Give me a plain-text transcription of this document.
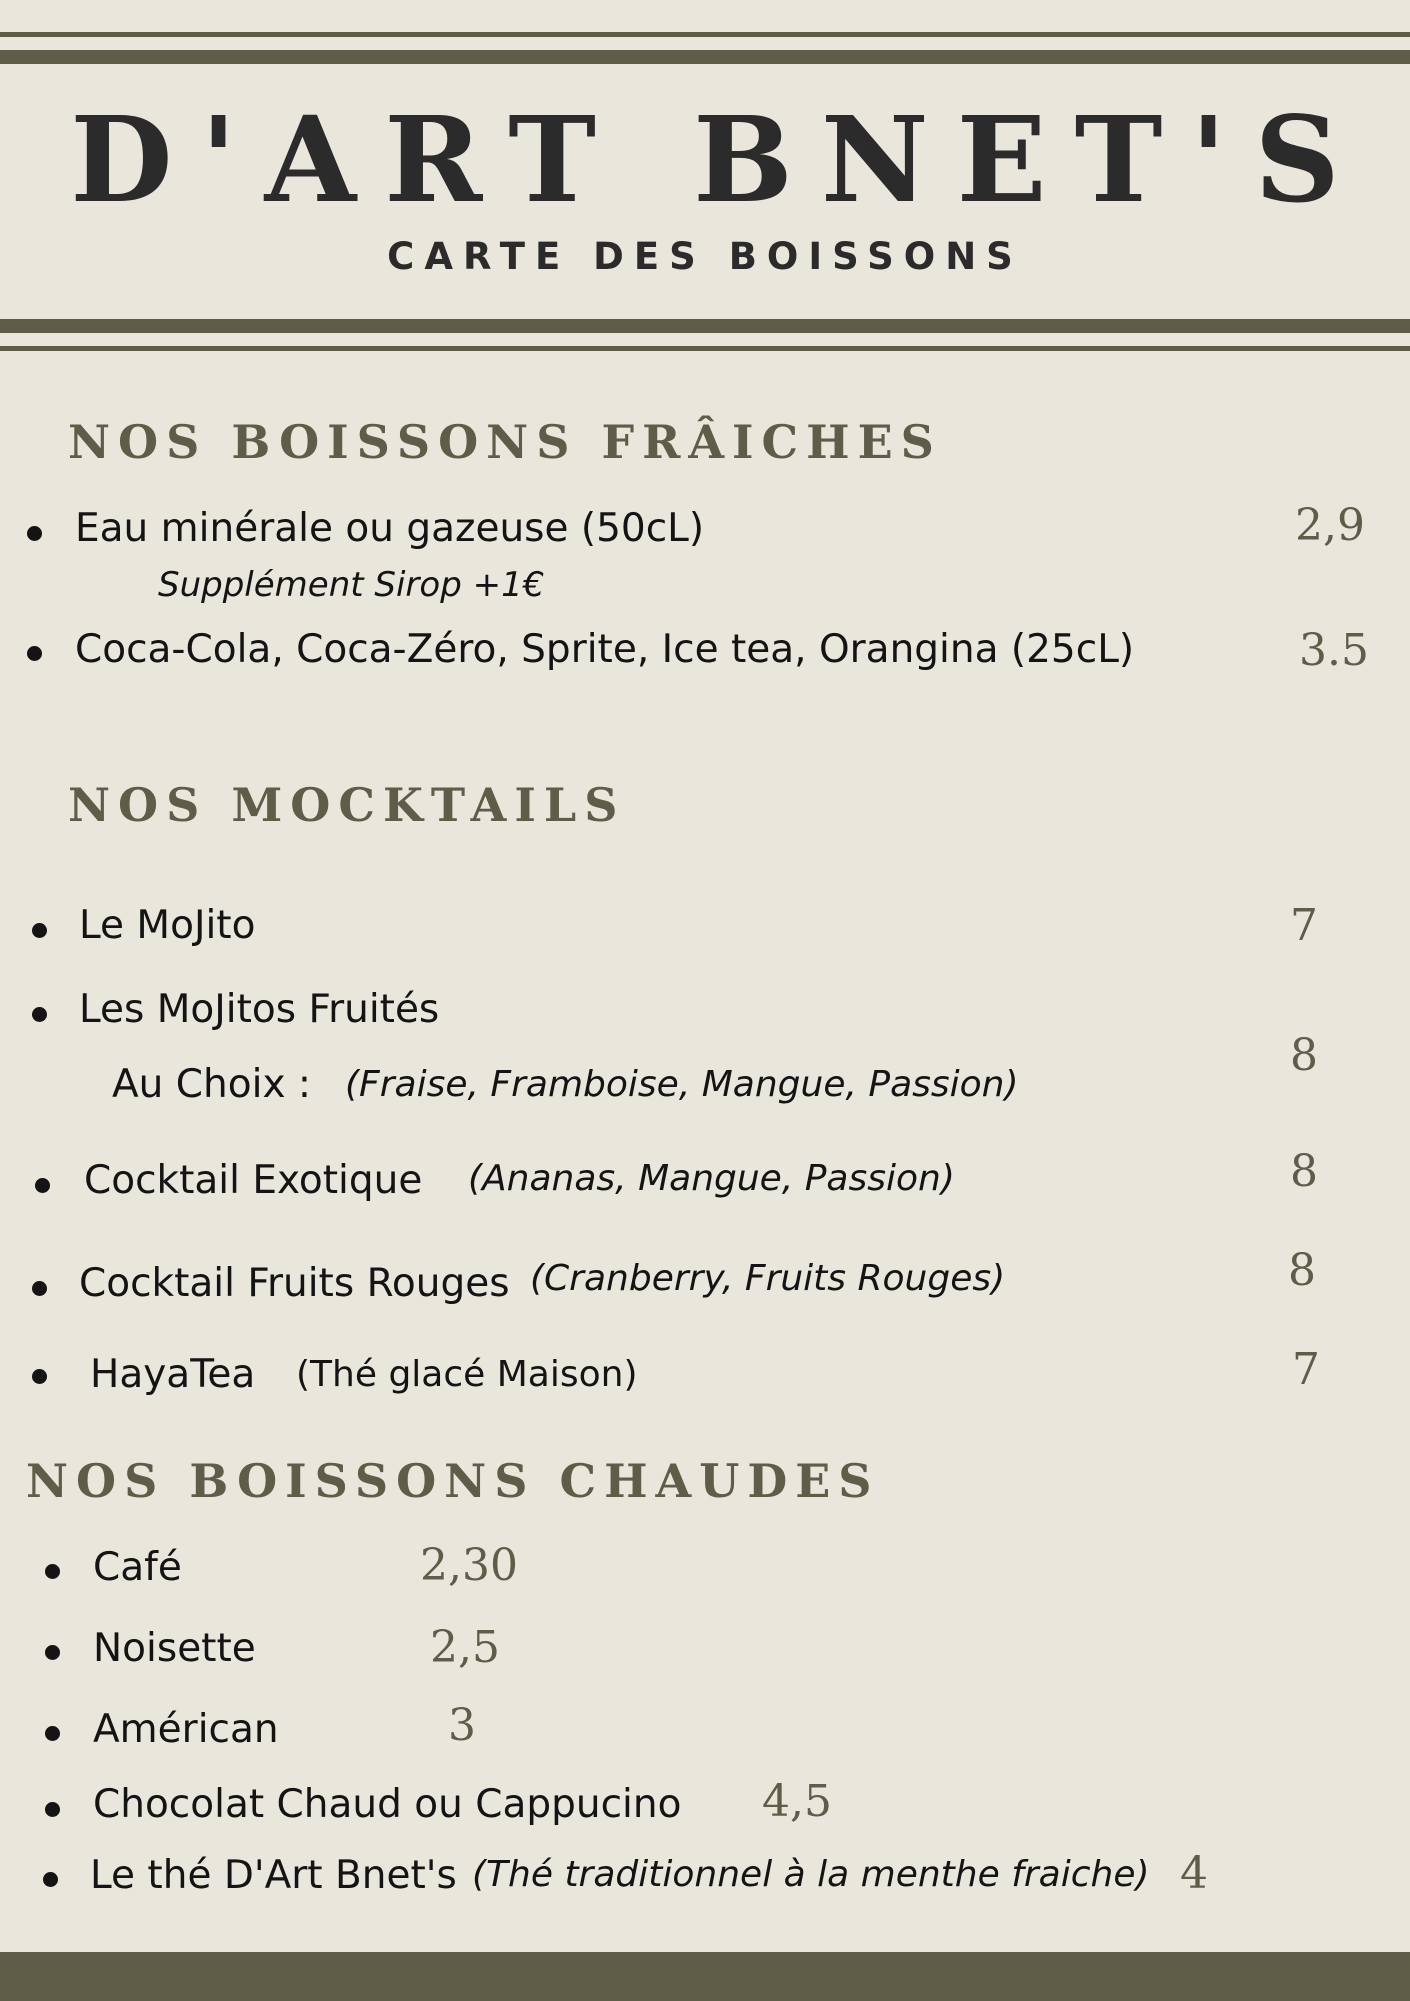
D'ART BNET'S
CARTE DES BOISSONS
NOS BOISSONS FRÂICHES
Eau minérale ou gazeuse (50cL)
Supplément Sirop +1€
2,9
Coca-Cola, Coca-Zéro, Sprite, Ice tea, Orangina (25cL)	3.5
NOS MOCKTAILS
Le MoJito	7
Les MoJitos Fruités
Au Choix : (Fraise, Framboise, Mangue, Passion)
8
Cocktail Exotique (Ananas, Mangue, Passion)	8
Cocktail Fruits Rouges (Cranberry, Fruits Rouges)	8
HayaTea (Thé glacé Maison)	7
NOS BOISSONS CHAUDES
Café	2,30
Noisette	2,5
Américan	3
Chocolat Chaud ou Cappucino 4,5
Le thé D'Art Bnet's (Thé traditionnel à la menthe fraiche) 4
